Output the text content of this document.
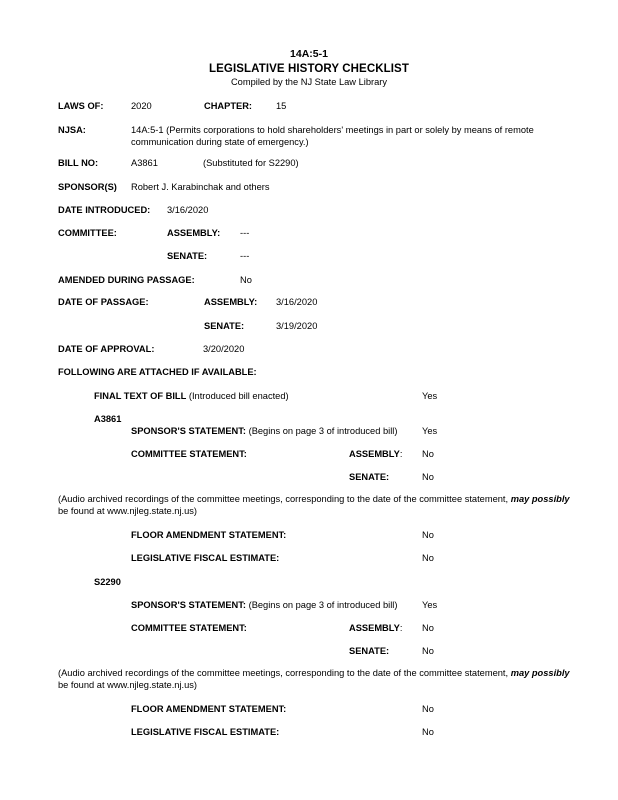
14A:5-1
LEGISLATIVE HISTORY CHECKLIST
Compiled by the NJ State Law Library
LAWS OF:	2020	CHAPTER:	15
NJSA:	14A:5-1 (Permits corporations to hold shareholders' meetings in part or solely by means of remote communication during state of emergency.)
BILL NO:	A3861	(Substituted for S2290)
SPONSOR(S) Robert J. Karabinchak and others
DATE INTRODUCED: 3/16/2020
COMMITTEE:	ASSEMBLY: ---
SENATE:	---
AMENDED DURING PASSAGE:	No
DATE OF PASSAGE:	ASSEMBLY: 3/16/2020
SENATE:	3/19/2020
DATE OF APPROVAL:	3/20/2020
FOLLOWING ARE ATTACHED IF AVAILABLE:
FINAL TEXT OF BILL (Introduced bill enacted)	Yes
A3861
SPONSOR'S STATEMENT: (Begins on page 3 of introduced bill)	Yes
COMMITTEE STATEMENT:	ASSEMBLY: No
SENATE:	No
(Audio archived recordings of the committee meetings, corresponding to the date of the committee statement, may possibly
be found at www.njleg.state.nj.us)
FLOOR AMENDMENT STATEMENT:	No
LEGISLATIVE FISCAL ESTIMATE:	No
S2290
SPONSOR'S STATEMENT: (Begins on page 3 of introduced bill)	Yes
COMMITTEE STATEMENT:	ASSEMBLY: No
SENATE:	No
(Audio archived recordings of the committee meetings, corresponding to the date of the committee statement, may possibly
be found at www.njleg.state.nj.us)
FLOOR AMENDMENT STATEMENT:	No
LEGISLATIVE FISCAL ESTIMATE:	No
